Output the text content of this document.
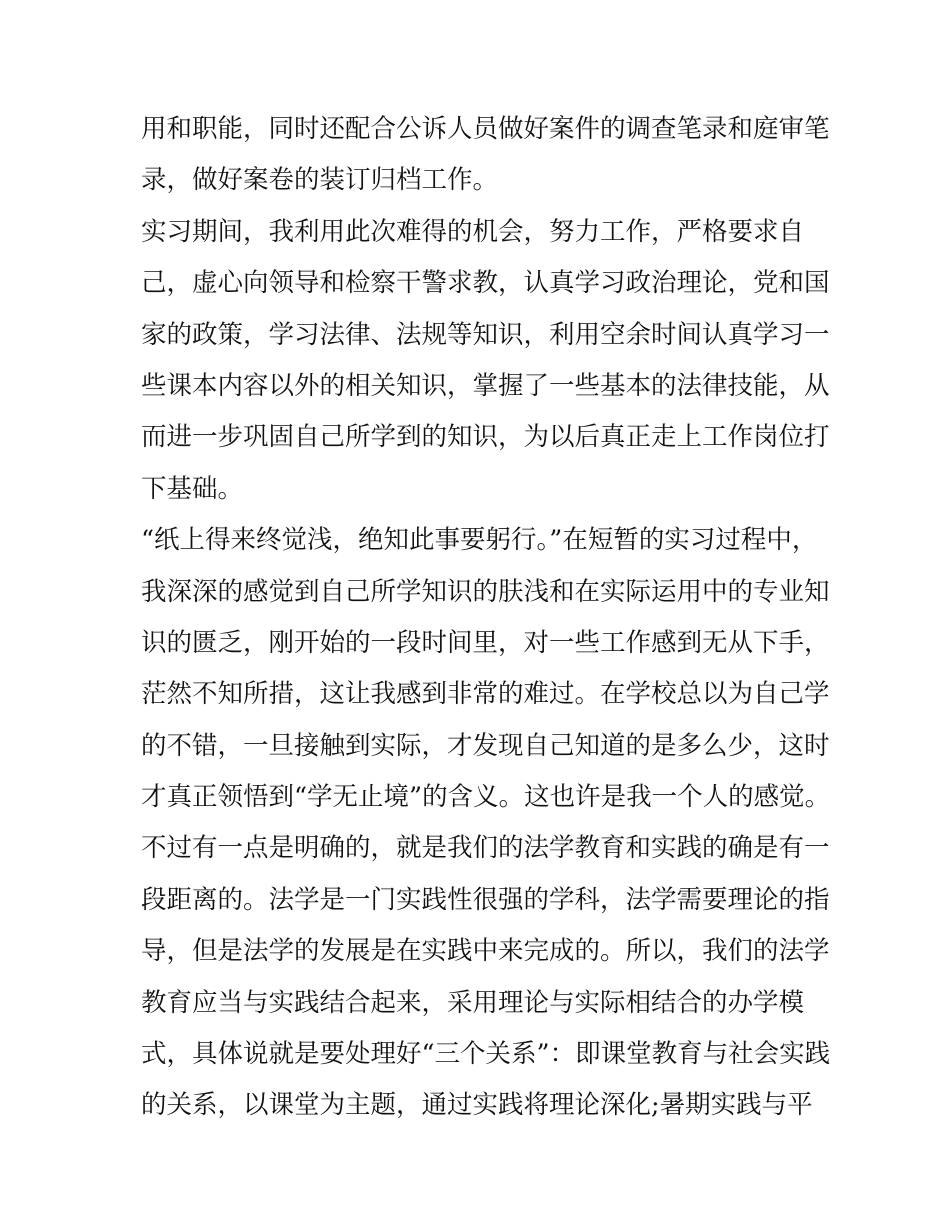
用和职能，同时还配合公诉人员做好案件的调查笔录和庭审笔
录，做好案卷的装订归档工作。
实习期间，我利用此次难得的机会，努力工作，严格要求自
己，虚心向领导和检察干警求教，认真学习政治理论，党和国
家的政策，学习法律、法规等知识，利用空余时间认真学习一
些课本内容以外的相关知识，掌握了一些基本的法律技能，从
而进一步巩固自己所学到的知识，为以后真正走上工作岗位打
下基础。
“纸上得来终觉浅，绝知此事要躬行。”在短暂的实习过程中，
我深深的感觉到自己所学知识的肤浅和在实际运用中的专业知
识的匮乏，刚开始的一段时间里，对一些工作感到无从下手，
茫然不知所措，这让我感到非常的难过。在学校总以为自己学
的不错，一旦接触到实际，才发现自己知道的是多么少，这时
才真正领悟到“学无止境”的含义。这也许是我一个人的感觉。
不过有一点是明确的，就是我们的法学教育和实践的确是有一
段距离的。法学是一门实践性很强的学科，法学需要理论的指
导，但是法学的发展是在实践中来完成的。所以，我们的法学
教育应当与实践结合起来，采用理论与实际相结合的办学模
式，具体说就是要处理好“三个关系”：即课堂教育与社会实践
的关系，以课堂为主题，通过实践将理论深化;暑期实践与平
